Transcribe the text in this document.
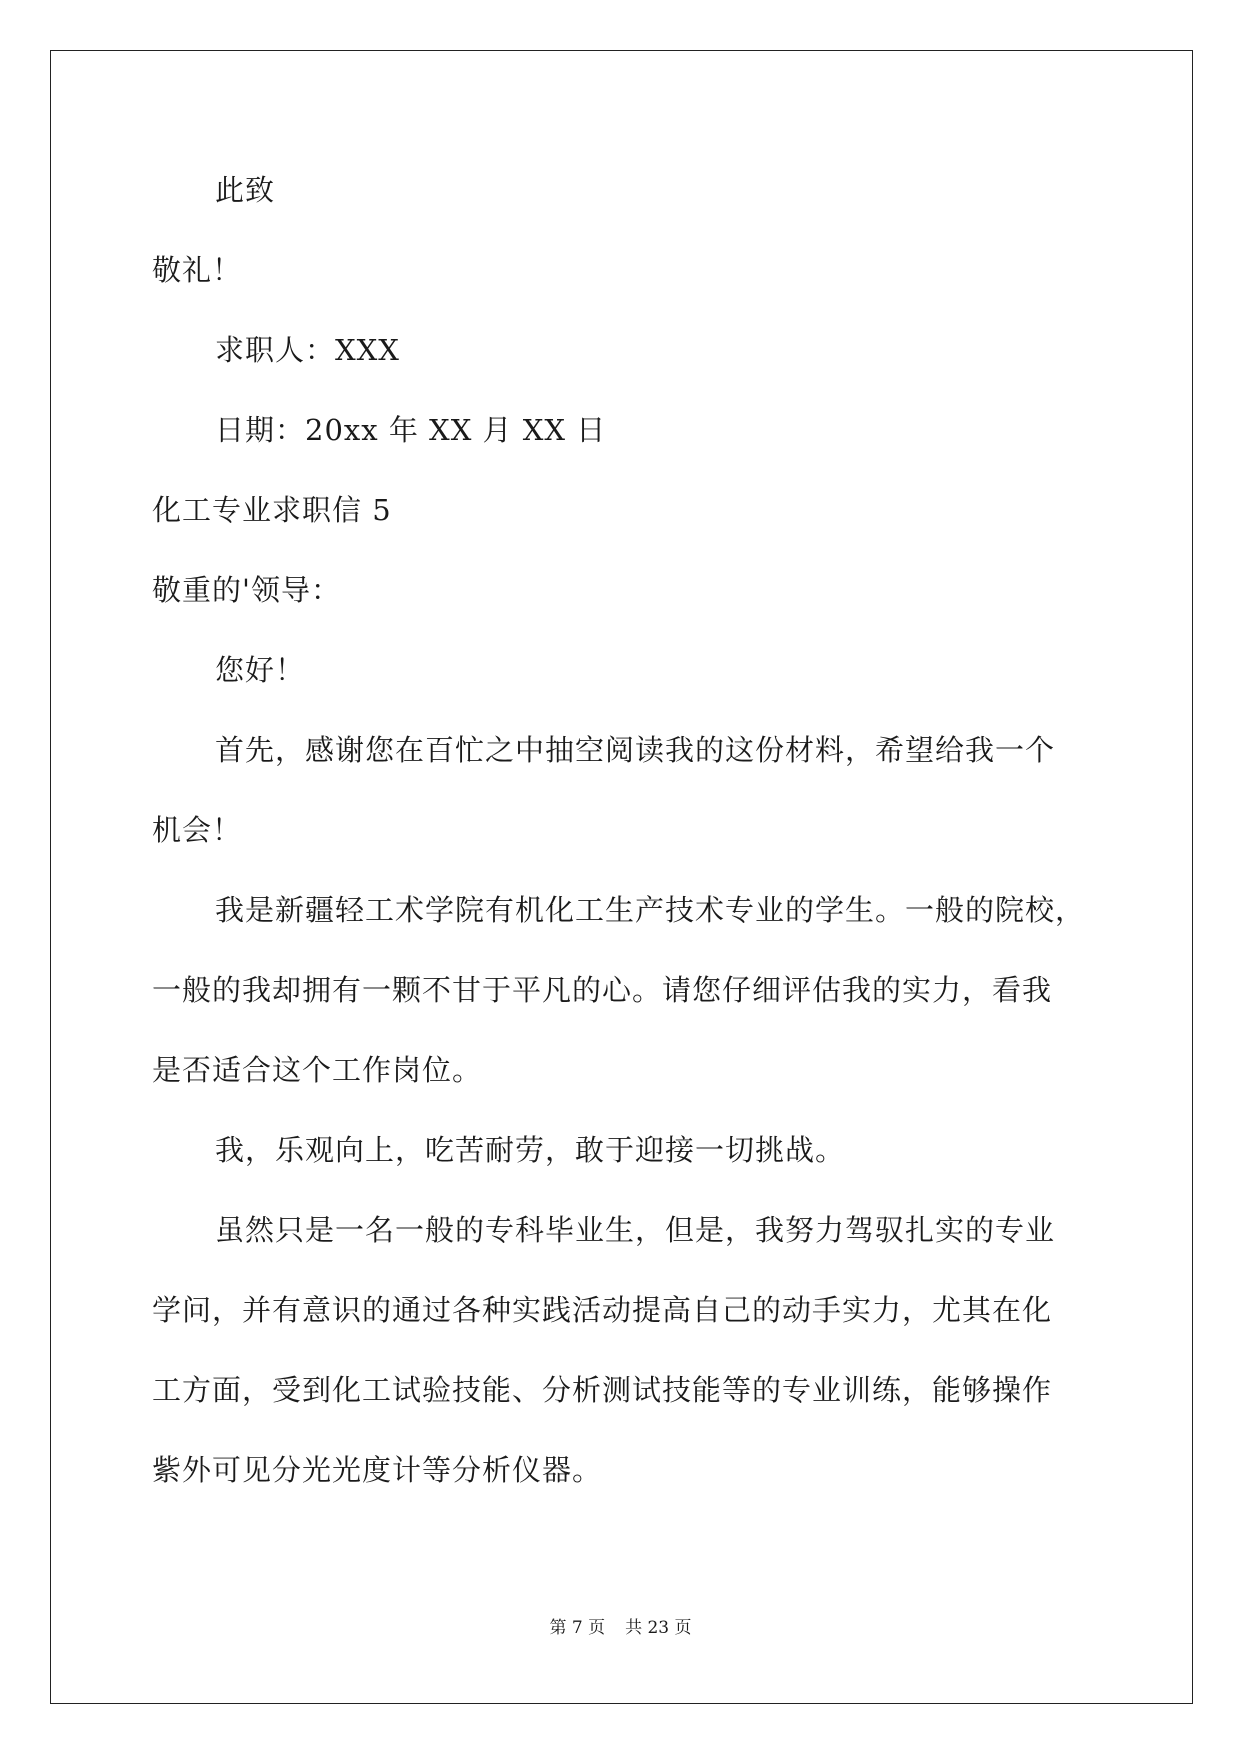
此致
敬礼！
求职人：XXX
日期：20xx 年 XX 月 XX 日
化工专业求职信 5
敬重的'领导：
您好！
首先，感谢您在百忙之中抽空阅读我的这份材料，希望给我一个
机会！
我是新疆轻工术学院有机化工生产技术专业的学生。一般的院校，
一般的我却拥有一颗不甘于平凡的心。请您仔细评估我的实力，看我
是否适合这个工作岗位。
我，乐观向上，吃苦耐劳，敢于迎接一切挑战。
虽然只是一名一般的专科毕业生，但是，我努力驾驭扎实的专业
学问，并有意识的通过各种实践活动提高自己的动手实力，尤其在化
工方面，受到化工试验技能、分析测试技能等的专业训练，能够操作
紫外可见分光光度计等分析仪器。
第 7 页 共 23 页
